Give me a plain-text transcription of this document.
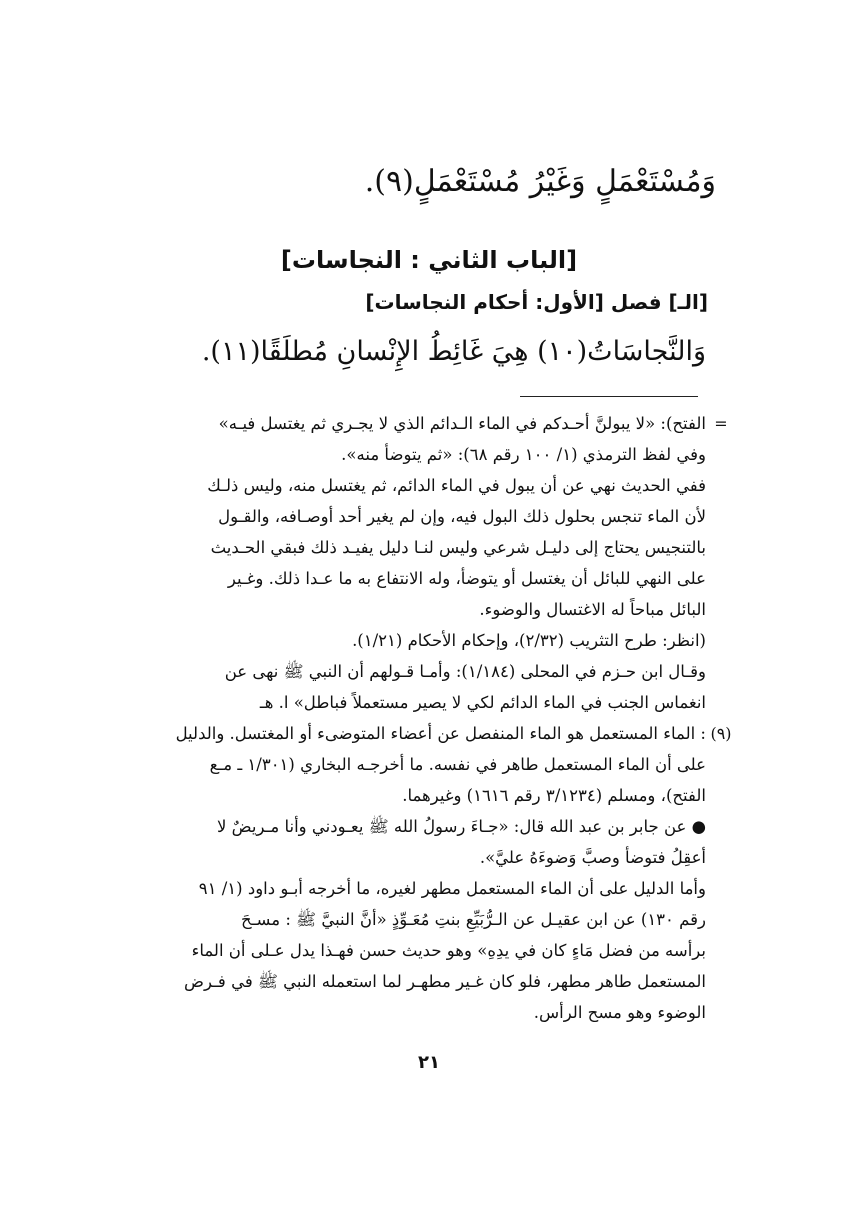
وَمُسْتَعْمَلٍ وَغَيْرُ مُسْتَعْمَلٍ(٩).
[الباب الثاني : النجاسات]
[الـ] فصل [الأول: أحكام النجاسات]
وَالنَّجاسَاتُ(١٠) هِيَ غَائِطُ الإِنْسانِ مُطلَقًا(١١).
=
(٩)
الفتح): «لا يبولنَّ أحـدكم في الماء الـدائم الذي لا يجـري ثم يغتسل فيـه»
وفي لفظ الترمذي (١/ ١٠٠ رقم ٦٨): «ثم يتوضأ منه».
ففي الحديث نهي عن أن يبول في الماء الدائم، ثم يغتسل منه، وليس ذلـك
لأن الماء تنجس بحلول ذلك البول فيه، وإن لم يغير أحد أوصـافه، والقـول
بالتنجيس يحتاج إلى دليـل شرعي وليس لنـا دليل يفيـد ذلك فبقي الحـديث
على النهي للبائل أن يغتسل أو يتوضأ، وله الانتفاع به ما عـدا ذلك. وغـير
البائل مباحاً له الاغتسال والوضوء.
(انظر: طرح التثريب (٢/٣٢)، وإحكام الأحكام (١/٢١).
وقـال ابن حـزم في المحلى (١/١٨٤): وأمـا قـولهم أن النبي ﷺ نهى عن
انغماس الجنب في الماء الدائم لكي لا يصير مستعملاً فباطل» ا. هـ
: الماء المستعمل هو الماء المنفصل عن أعضاء المتوضىء أو المغتسل. والدليل
على أن الماء المستعمل طاهر في نفسه. ما أخرجـه البخاري (١/٣٠١ ـ مـع
الفتح)، ومسلم (٣/١٢٣٤ رقم ١٦١٦) وغيرهما.
● عن جابر بن عبد الله قال: «جـاءَ رسولُ الله ﷺ يعـودني وأنا مـريضٌ لا
أعقِلُ فتوضأ وصبَّ وَضوءَهُ عليَّ».
وأما الدليل على أن الماء المستعمل مطهر لغيره، ما أخرجه أبـو داود (١/ ٩١
رقم ١٣٠) عن ابن عقيـل عن الـرُّبَيِّعِ بنتِ مُعَـوِّذٍ «أنَّ النبيَّ ﷺ : مسـحَ
برأسه من فضل مَاءٍ كان في يدِهِ» وهو حديث حسن فهـذا يدل عـلى أن الماء
المستعمل طاهر مطهر، فلو كان غـير مطهـر لما استعمله النبي ﷺ في فـرض
الوضوء وهو مسح الرأس.
٢١
